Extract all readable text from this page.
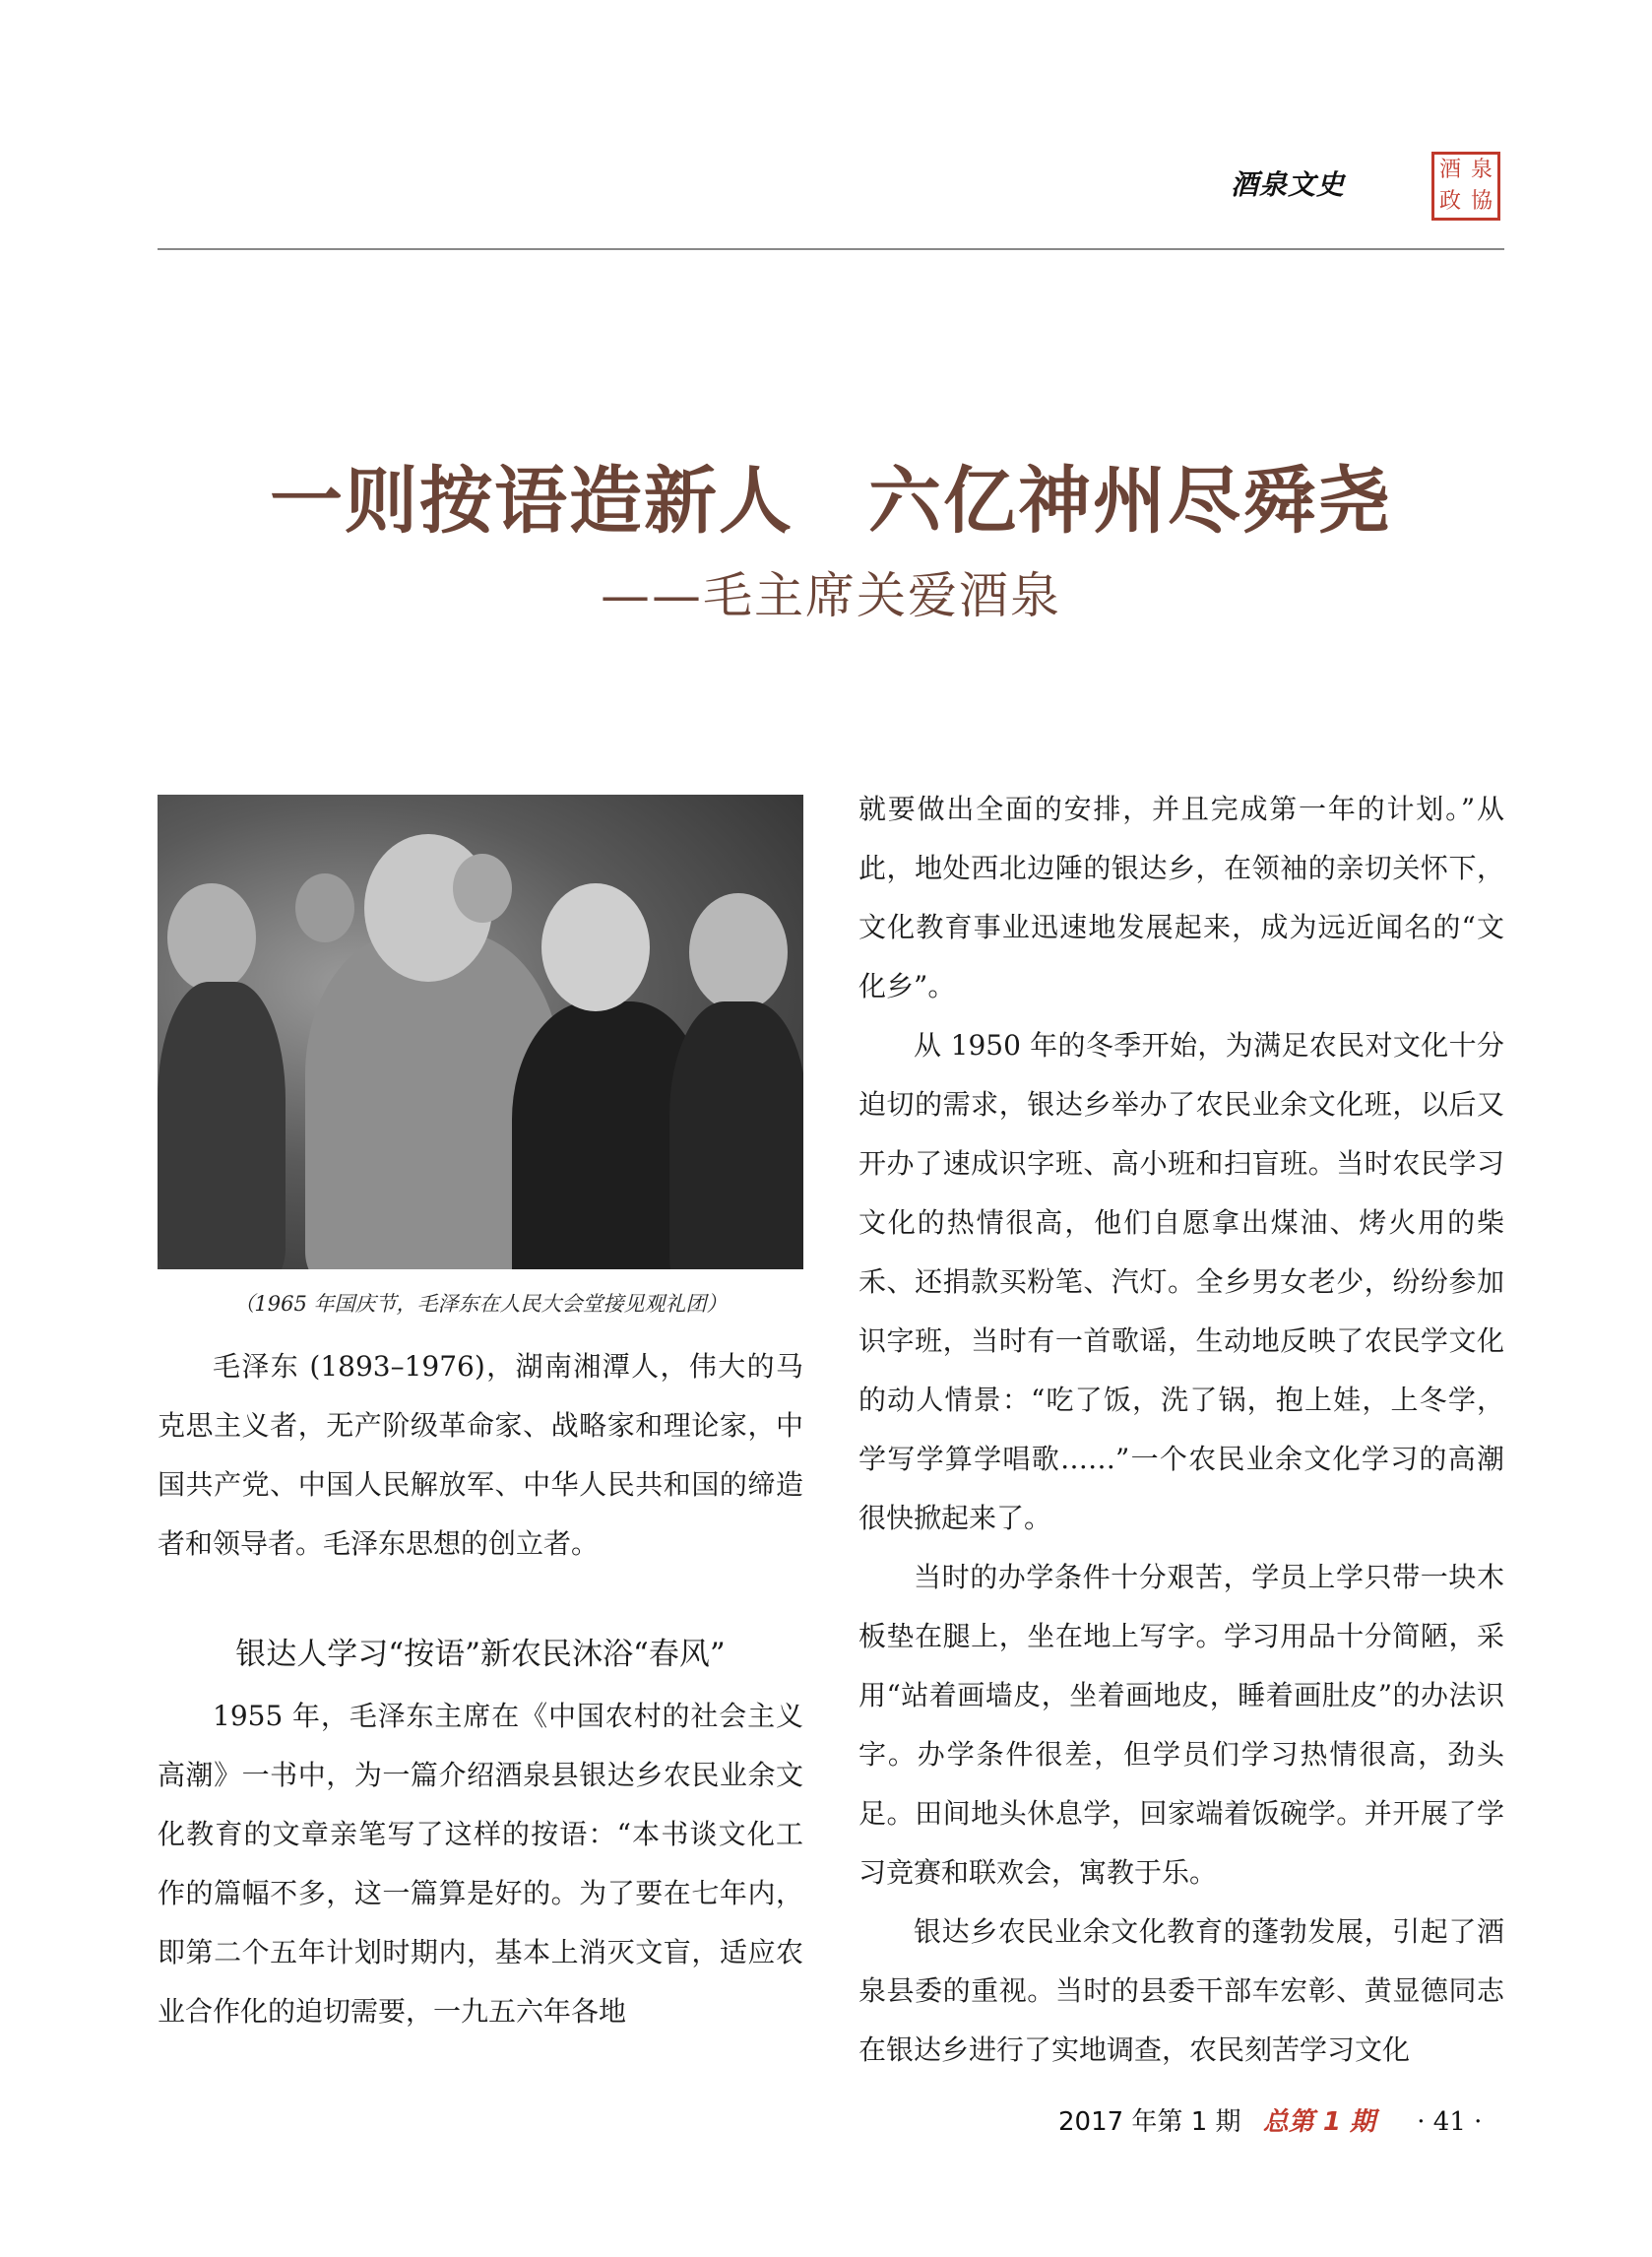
酒泉文史	酒 泉
政 協
一则按语造新人　六亿神州尽舜尧
——毛主席关爱酒泉
（1965 年国庆节，毛泽东在人民大会堂接见观礼团）

毛泽东 (1893–1976)，湖南湘潭人，伟大的马克思主义者，无产阶级革命家、战略家和理论家，中国共产党、中国人民解放军、中华人民共和国的缔造者和领导者。毛泽东思想的创立者。

银达人学习“按语”新农民沐浴“春风”

1955 年，毛泽东主席在《中国农村的社会主义高潮》一书中，为一篇介绍酒泉县银达乡农民业余文化教育的文章亲笔写了这样的按语：“本书谈文化工作的篇幅不多，这一篇算是好的。为了要在七年内，即第二个五年计划时期内，基本上消灭文盲，适应农业合作化的迫切需要，一九五六年各地

就要做出全面的安排，并且完成第一年的计划。”从此，地处西北边陲的银达乡，在领袖的亲切关怀下，文化教育事业迅速地发展起来，成为远近闻名的“文化乡”。

从 1950 年的冬季开始，为满足农民对文化十分迫切的需求，银达乡举办了农民业余文化班，以后又开办了速成识字班、高小班和扫盲班。当时农民学习文化的热情很高，他们自愿拿出煤油、烤火用的柴禾、还捐款买粉笔、汽灯。全乡男女老少，纷纷参加识字班，当时有一首歌谣，生动地反映了农民学文化的动人情景：“吃了饭，洗了锅，抱上娃，上冬学，学写学算学唱歌……”一个农民业余文化学习的高潮很快掀起来了。

当时的办学条件十分艰苦，学员上学只带一块木板垫在腿上，坐在地上写字。学习用品十分简陋，采用“站着画墙皮，坐着画地皮，睡着画肚皮”的办法识字。办学条件很差，但学员们学习热情很高，劲头足。田间地头休息学，回家端着饭碗学。并开展了学习竞赛和联欢会，寓教于乐。

银达乡农民业余文化教育的蓬勃发展，引起了酒泉县委的重视。当时的县委干部车宏彰、黄显德同志在银达乡进行了实地调查，农民刻苦学习文化

2017 年第 1 期 总第 1 期 · 41 ·
